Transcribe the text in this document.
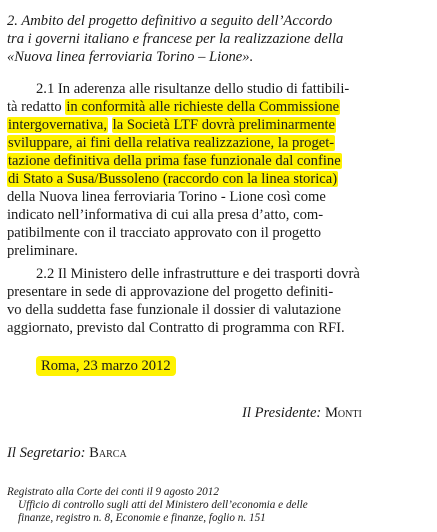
2. Ambito del progetto definitivo a seguito dell’Accordo
tra i governi italiano e francese per la realizzazione della
«Nuova linea ferroviaria Torino – Lione».
2.1 In aderenza alle risultanze dello studio di fattibili-
tà redatto in conformità alle richieste della Commissione
intergovernativa, la Società LTF dovrà preliminarmente
sviluppare, ai fini della relativa realizzazione, la proget-
tazione definitiva della prima fase funzionale dal confine
di Stato a Susa/Bussoleno (raccordo con la linea storica)
della Nuova linea ferroviaria Torino - Lione così come
indicato nell’informativa di cui alla presa d’atto, com-
patibilmente con il tracciato approvato con il progetto
preliminare.
2.2 Il Ministero delle infrastrutture e dei trasporti dovrà
presentare in sede di approvazione del progetto definiti-
vo della suddetta fase funzionale il dossier di valutazione
aggiornato, previsto dal Contratto di programma con RFI.
Roma, 23 marzo 2012
Il Presidente: Monti
Il Segretario: Barca
Registrato alla Corte dei conti il 9 agosto 2012
Ufficio di controllo sugli atti del Ministero dell’economia e delle
finanze, registro n. 8, Economie e finanze, foglio n. 151
